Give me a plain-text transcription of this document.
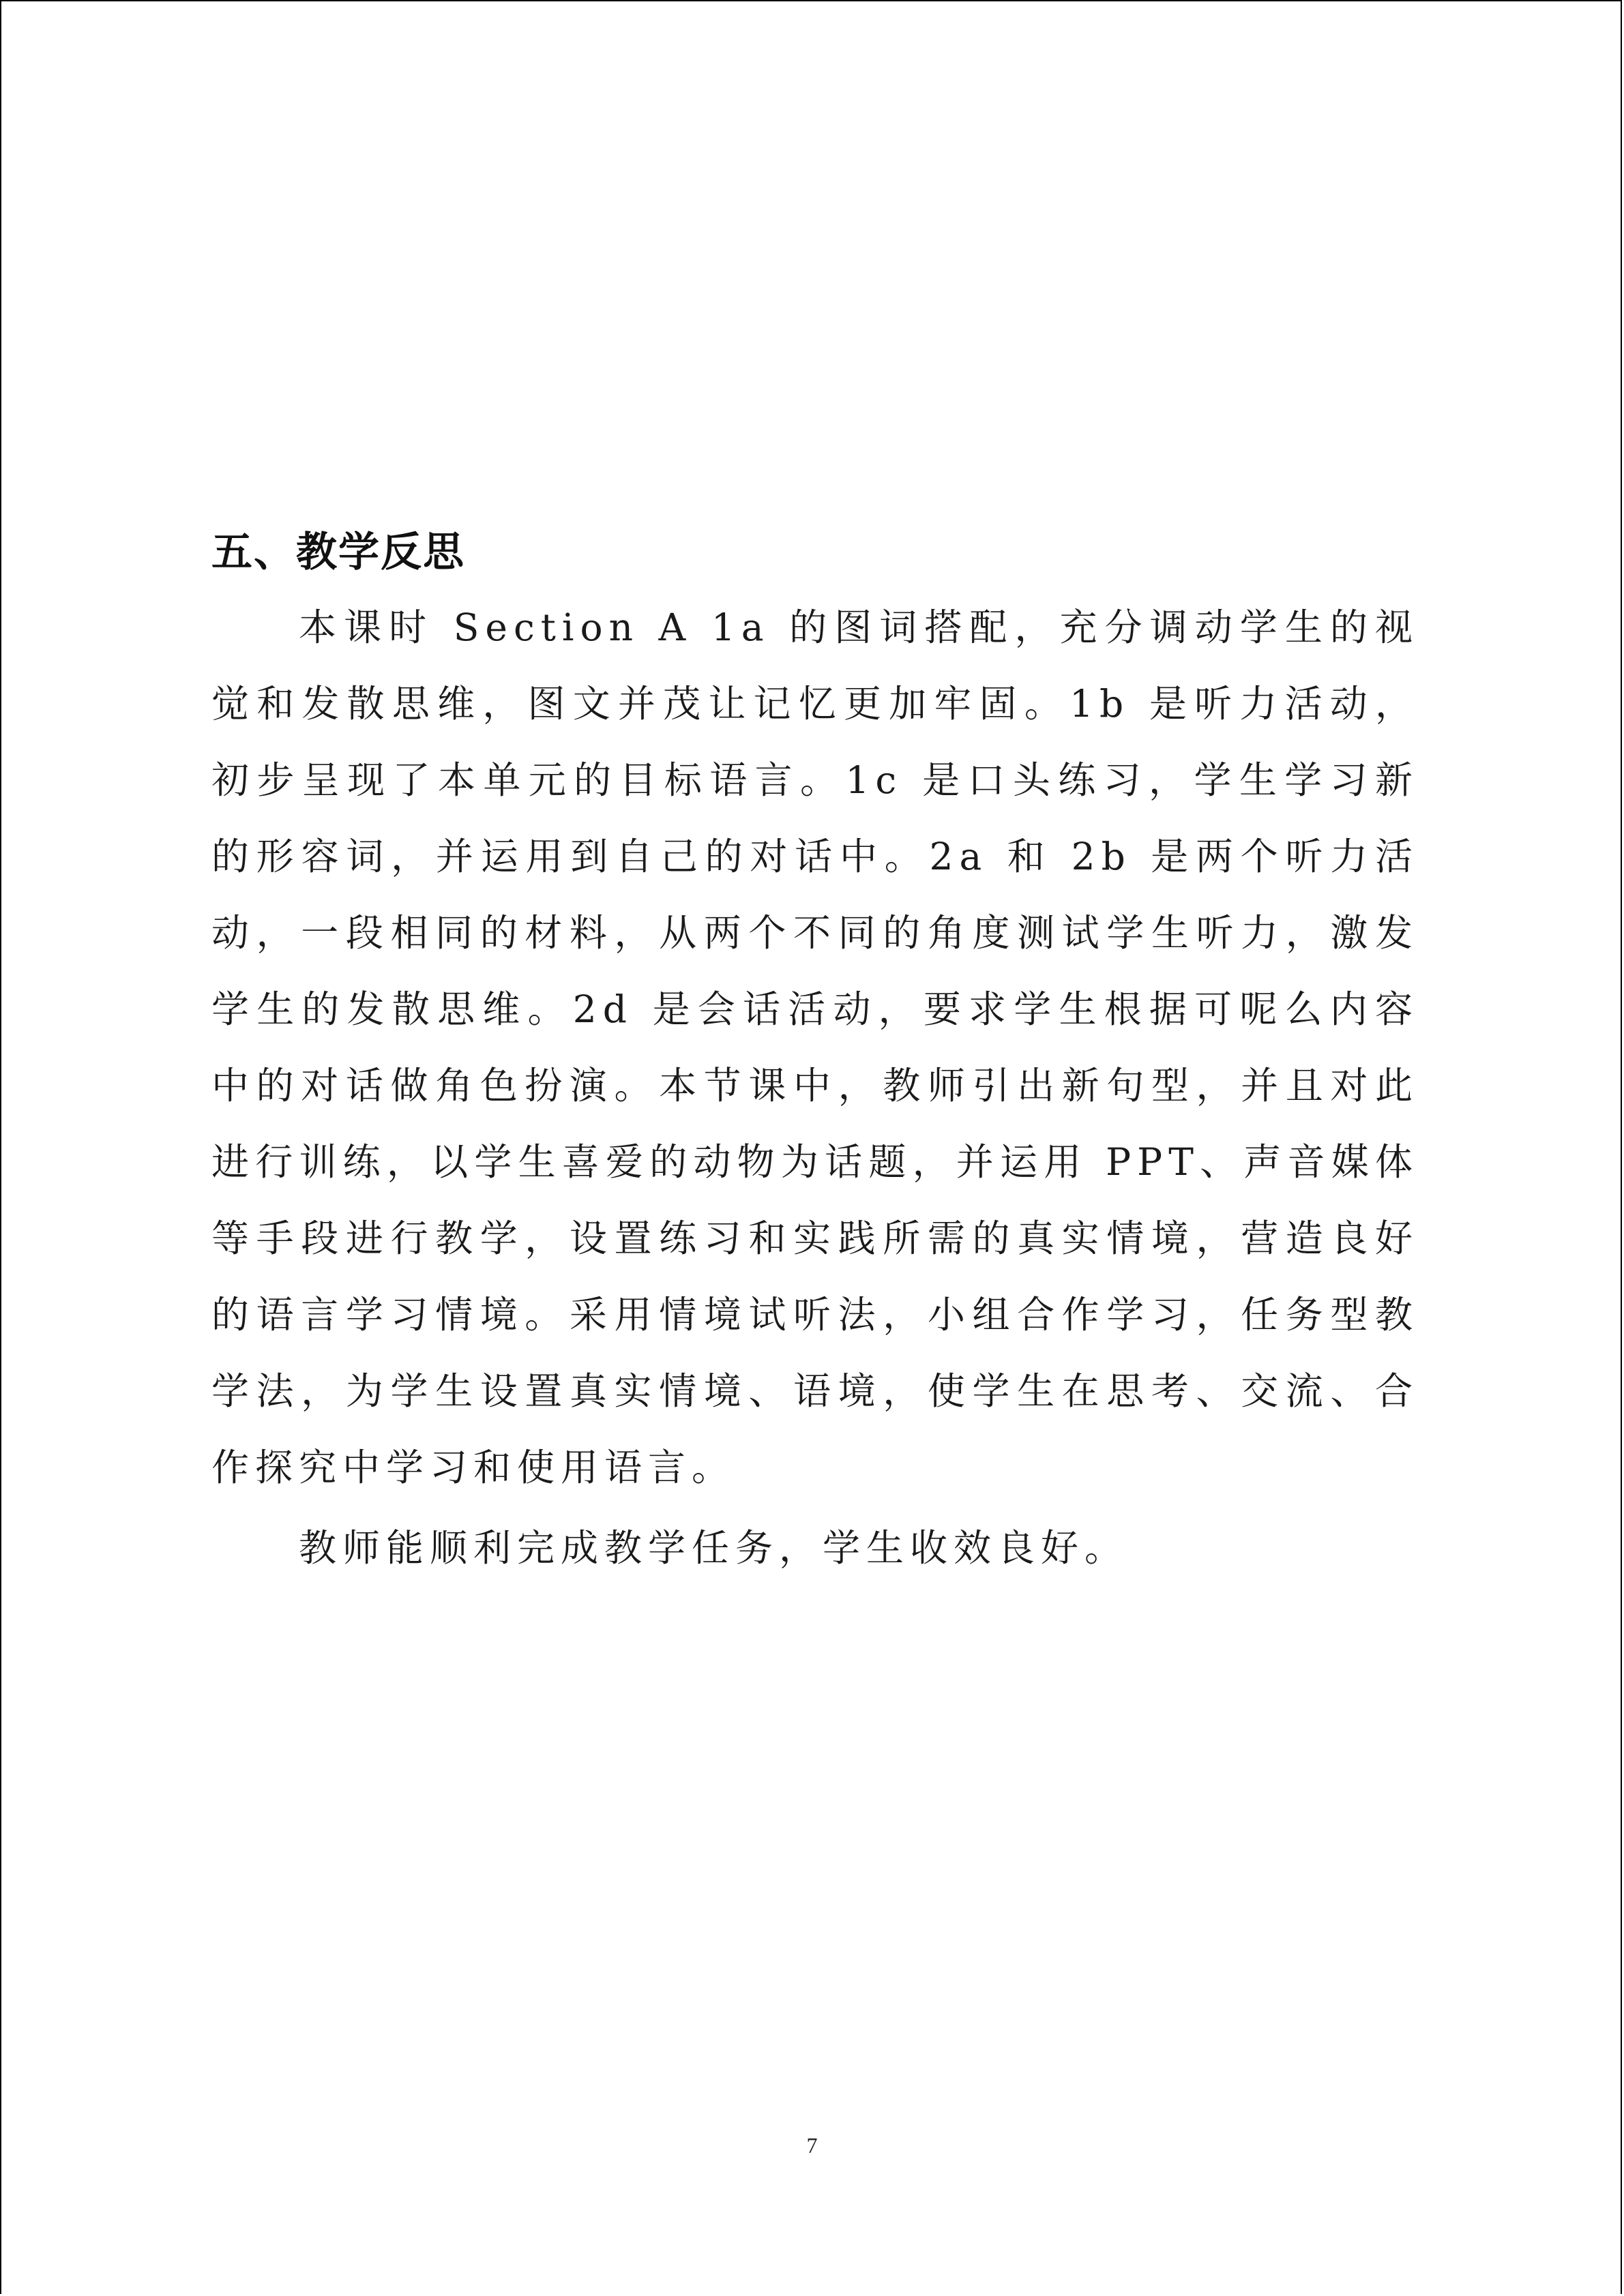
五、教学反思

本课时 Section A 1a 的图词搭配，充分调动学生的视觉和发散思维，图文并茂让记忆更加牢固。1b 是听力活动，初步呈现了本单元的目标语言。1c 是口头练习，学生学习新的形容词，并运用到自己的对话中。2a 和 2b 是两个听力活动，一段相同的材料，从两个不同的角度测试学生听力，激发学生的发散思维。2d 是会话活动，要求学生根据可呢么内容中的对话做角色扮演。本节课中，教师引出新句型，并且对此进行训练，以学生喜爱的动物为话题，并运用 PPT、声音媒体等手段进行教学，设置练习和实践所需的真实情境，营造良好的语言学习情境。采用情境试听法，小组合作学习，任务型教学法，为学生设置真实情境、语境，使学生在思考、交流、合作探究中学习和使用语言。

教师能顺利完成教学任务，学生收效良好。

7
